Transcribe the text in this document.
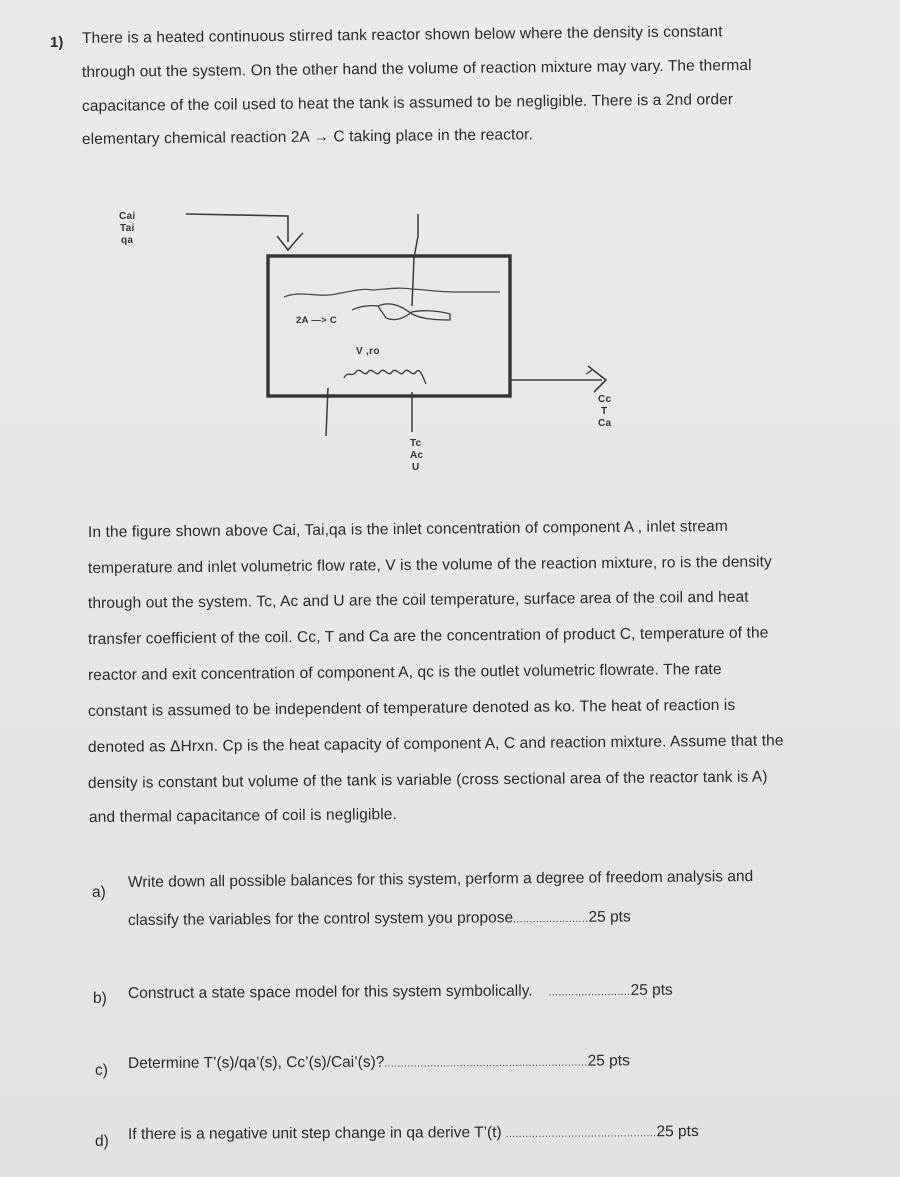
1) There is a heated continuous stirred tank reactor shown below where the density is constant
through out the system. On the other hand the volume of reaction mixture may vary. The thermal
capacitance of the coil used to heat the tank is assumed to be negligible. There is a 2nd order
elementary chemical reaction 2A → C taking place in the reactor.
Cai
Tai
qa
2A —> C
V ,ro
Tc
Ac
U
Cc
T
Ca
In the figure shown above Cai, Tai,qa is the inlet concentration of component A , inlet stream
temperature and inlet volumetric flow rate, V is the volume of the reaction mixture, ro is the density
through out the system. Tc, Ac and U are the coil temperature, surface area of the coil and heat
transfer coefficient of the coil. Cc, T and Ca are the concentration of product C, temperature of the
reactor and exit concentration of component A, qc is the outlet volumetric flowrate. The rate
constant is assumed to be independent of temperature denoted as ko. The heat of reaction is
denoted as ΔHrxn. Cp is the heat capacity of component A, C and reaction mixture. Assume that the
density is constant but volume of the tank is variable (cross sectional area of the reactor tank is A)
and thermal capacitance of coil is negligible.
a)
Write down all possible balances for this system, perform a degree of freedom analysis and
classify the variables for the control system you propose.......................25 pts
b) Construct a state space model for this system symbolically. .........................25 pts
c) Determine T’(s)/qa’(s), Cc’(s)/Cai’(s)?..............................................................25 pts
d) If there is a negative unit step change in qa derive T’(t) ..............................................25 pts
